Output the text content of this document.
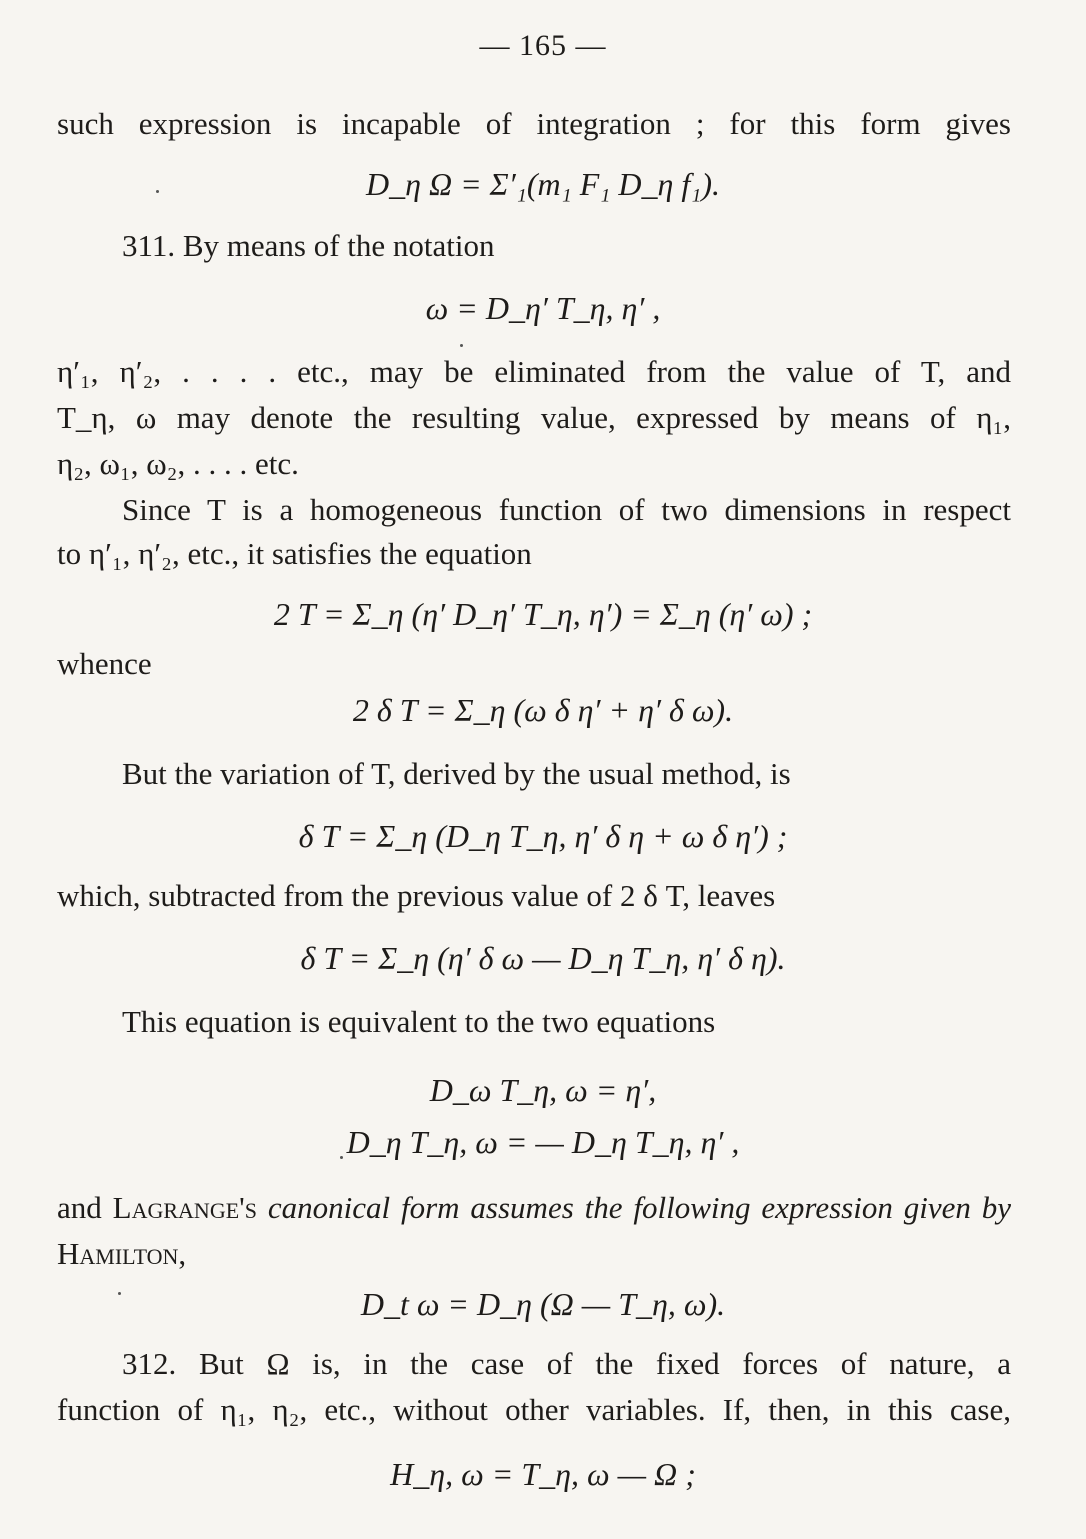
— 165 —
such expression is incapable of integration ; for this form gives
D_η Ω = Σ′₁(m₁ F₁ D_η f₁).
311. By means of the notation
ω = D_η′ T_η, η′ ,
η′₁, η′₂, . . . . etc., may be eliminated from the value of T, and
T_η, ω may denote the resulting value, expressed by means of η₁,
η₂, ω₁, ω₂, . . . . etc.
Since T is a homogeneous function of two dimensions in respect
to η′₁, η′₂, etc., it satisfies the equation
2 T = Σ_η (η′ D_η′ T_η, η′) = Σ_η (η′ ω) ;
whence
2 δ T = Σ_η (ω δ η′ + η′ δ ω).
But the variation of T, derived by the usual method, is
δ T = Σ_η (D_η T_η, η′ δ η + ω δ η′) ;
which, subtracted from the previous value of 2 δ T, leaves
δ T = Σ_η (η′ δ ω — D_η T_η, η′ δ η).
This equation is equivalent to the two equations
D_ω T_η, ω = η′,
D_η T_η, ω = — D_η T_η, η′ ,
and Lagrange's canonical form assumes the following expression given by
Hamilton,
D_t ω = D_η (Ω — T_η, ω).
312. But Ω is, in the case of the fixed forces of nature, a
function of η₁, η₂, etc., without other variables. If, then, in this case,
H_η, ω = T_η, ω — Ω ;
